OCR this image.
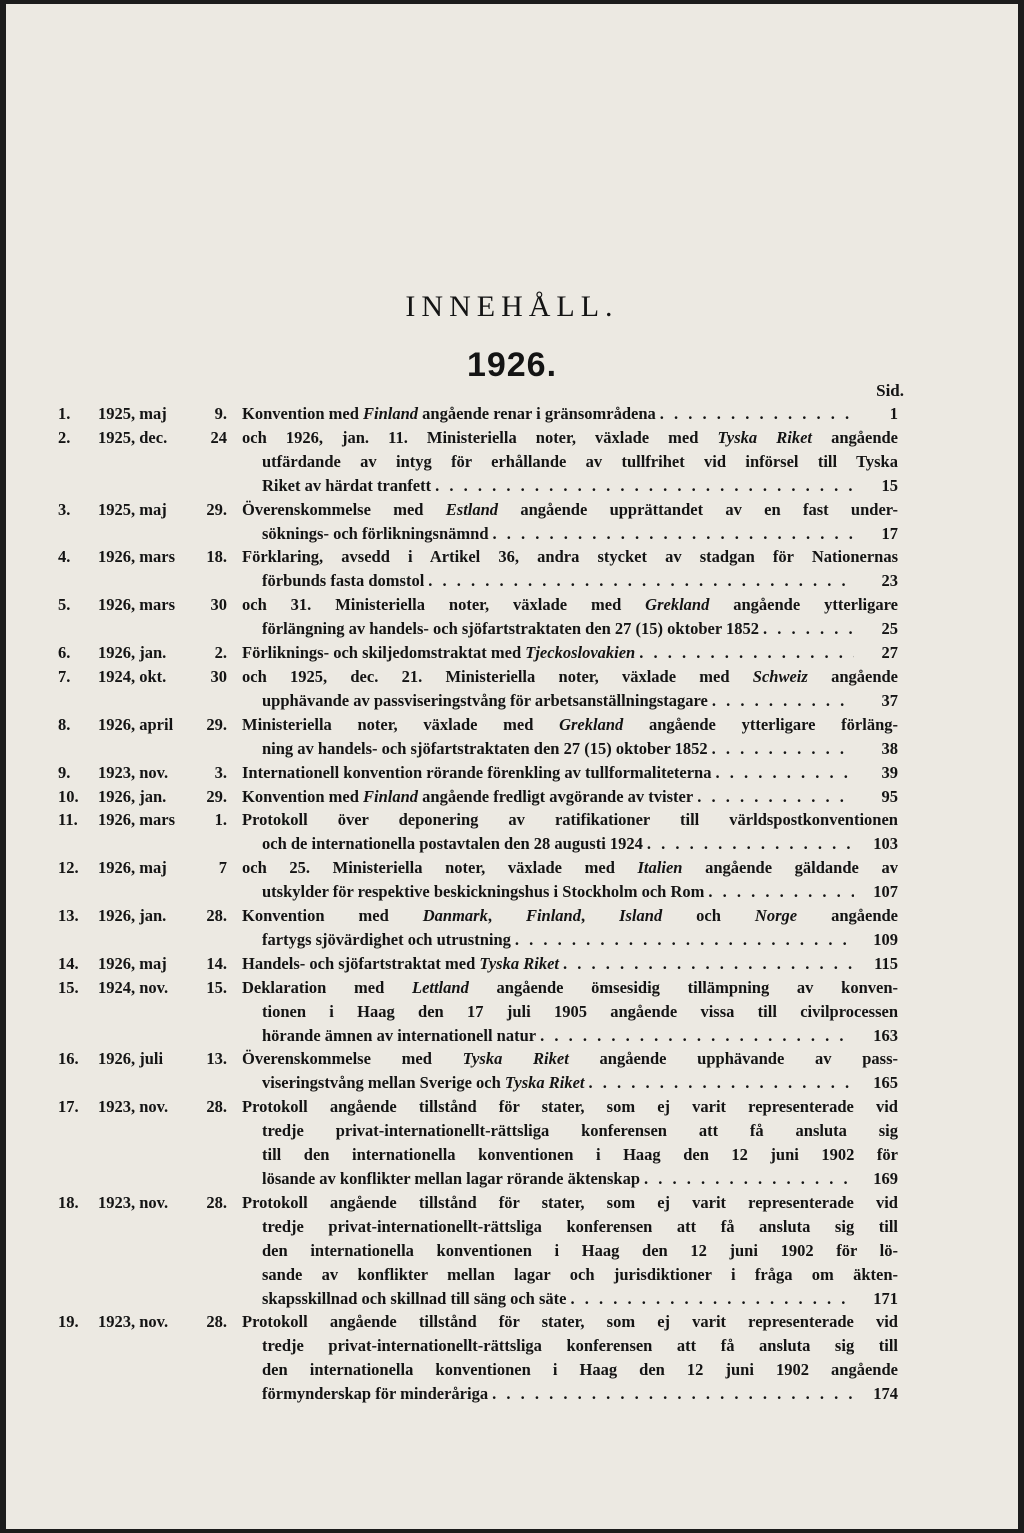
INNEHÅLL.
1926.
Sid.
1.	1925, maj	9. Konvention med Finland angående renar i gränsområdena . . .	1
2.	1925, dec.	24 och 1926, jan. 11. Ministeriella noter, växlade med Tyska Riket angående
utfärdande av intyg för erhållande av tullfrihet vid införsel till Tyska
Riket av härdat tranfett . . .	15
3.	1925, maj	29. Överenskommelse med Estland angående upprättandet av en fast under-
söknings- och förlikningsnämnd . . .	17
4.	1926, mars	18. Förklaring, avsedd i Artikel 36, andra stycket av stadgan för Nationernas
förbunds fasta domstol . . .	23
5.	1926, mars	30 och 31. Ministeriella noter, växlade med Grekland angående ytterligare
förlängning av handels- och sjöfartstraktaten den 27 (15) oktober 1852 . . .	25
6.	1926, jan.	2. Förliknings- och skiljedomstraktat med Tjeckoslovakien . . .	27
7.	1924, okt.	30 och 1925, dec. 21. Ministeriella noter, växlade med Schweiz angående
upphävande av passviseringstvång för arbetsanställningstagare . . .	37
8.	1926, april	29. Ministeriella noter, växlade med Grekland angående ytterligare förläng-
ning av handels- och sjöfartstraktaten den 27 (15) oktober 1852 . . .	38
9.	1923, nov.	3. Internationell konvention rörande förenkling av tullformaliteterna . . .	39
10.	1926, jan.	29. Konvention med Finland angående fredligt avgörande av tvister . . .	95
11.	1926, mars	1. Protokoll över deponering av ratifikationer till världspostkonventionen
och de internationella postavtalen den 28 augusti 1924 . . .	103
12.	1926, maj	7 och 25. Ministeriella noter, växlade med Italien angående gäldande av
utskylder för respektive beskickningshus i Stockholm och Rom . . .	107
13.	1926, jan.	28. Konvention med Danmark, Finland, Island och Norge angående
fartygs sjövärdighet och utrustning . . .	109
14.	1926, maj	14. Handels- och sjöfartstraktat med Tyska Riket . . .	115
15.	1924, nov.	15. Deklaration med Lettland angående ömsesidig tillämpning av konven-
tionen i Haag den 17 juli 1905 angående vissa till civilprocessen
hörande ämnen av internationell natur . . .	163
16.	1926, juli	13. Överenskommelse med Tyska Riket angående upphävande av pass-
viseringstvång mellan Sverige och Tyska Riket . . .	165
17.	1923, nov.	28. Protokoll angående tillstånd för stater, som ej varit representerade vid
tredje privat-internationellt-rättsliga konferensen att få ansluta sig
till den internationella konventionen i Haag den 12 juni 1902 för
lösande av konflikter mellan lagar rörande äktenskap . . .	169
18.	1923, nov.	28. Protokoll angående tillstånd för stater, som ej varit representerade vid
tredje privat-internationellt-rättsliga konferensen att få ansluta sig till
den internationella konventionen i Haag den 12 juni 1902 för lö-
sande av konflikter mellan lagar och jurisdiktioner i fråga om äkten-
skapsskillnad och skillnad till säng och säte . . .	171
19.	1923, nov.	28. Protokoll angående tillstånd för stater, som ej varit representerade vid
tredje privat-internationellt-rättsliga konferensen att få ansluta sig till
den internationella konventionen i Haag den 12 juni 1902 angående
förmynderskap för minderåriga . . .	174
